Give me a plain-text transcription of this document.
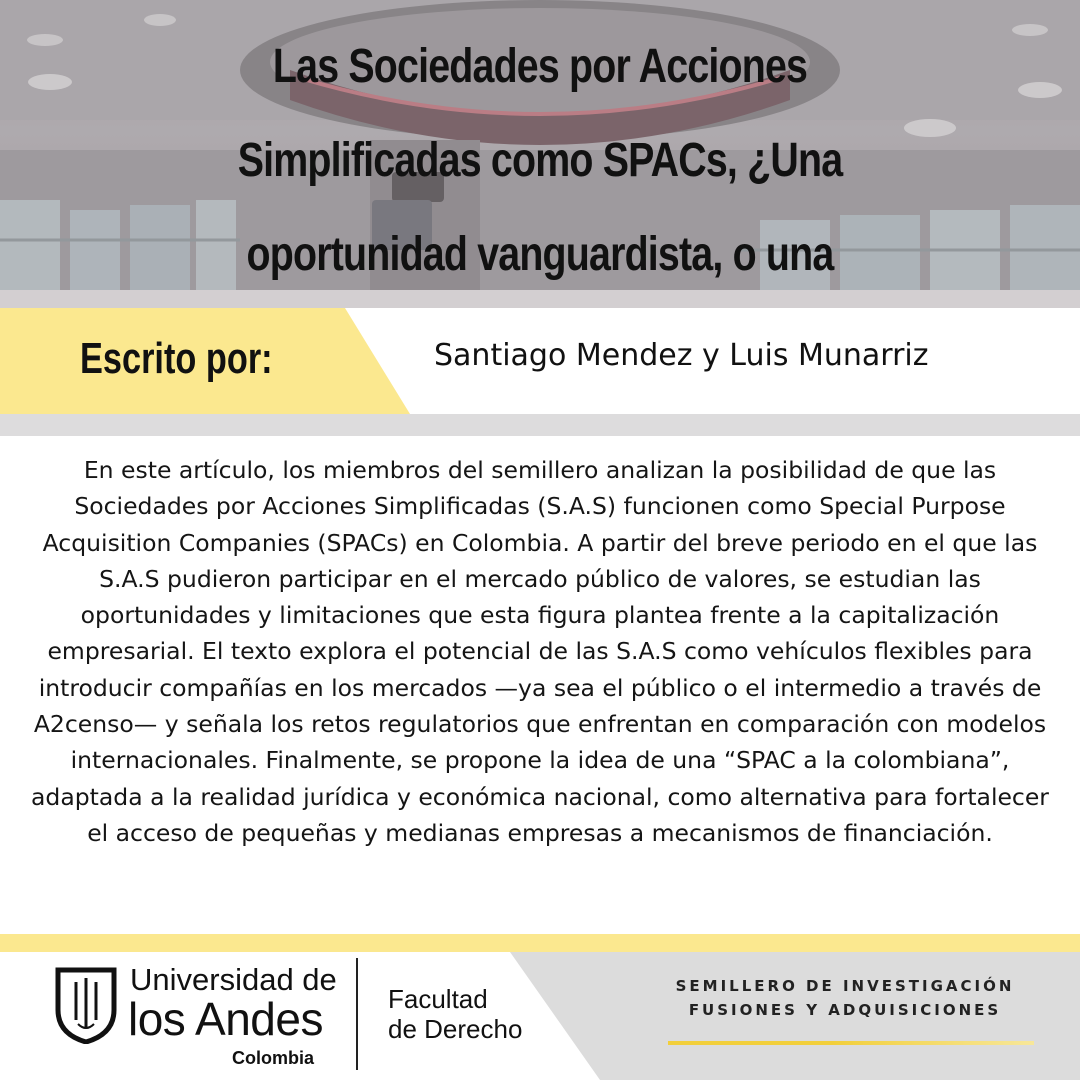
Las Sociedades por Acciones Simplificadas como SPACs, ¿Una oportunidad vanguardista, o una
Escrito por:	Santiago Mendez y Luis Munarriz

En este artículo, los miembros del semillero analizan la posibilidad de que las Sociedades por Acciones Simplificadas (S.A.S) funcionen como Special Purpose Acquisition Companies (SPACs) en Colombia. A partir del breve periodo en el que las S.A.S pudieron participar en el mercado público de valores, se estudian las oportunidades y limitaciones que esta figura plantea frente a la capitalización empresarial. El texto explora el potencial de las S.A.S como vehículos flexibles para introducir compañías en los mercados —ya sea el público o el intermedio a través de A2censo— y señala los retos regulatorios que enfrentan en comparación con modelos internacionales. Finalmente, se propone la idea de una “SPAC a la colombiana”, adaptada a la realidad jurídica y económica nacional, como alternativa para fortalecer el acceso de pequeñas y medianas empresas a mecanismos de financiación.

Universidad de
los Andes
Colombia
Facultad
de Derecho
SEMILLERO DE INVESTIGACIÓN
FUSIONES Y ADQUISICIONES
